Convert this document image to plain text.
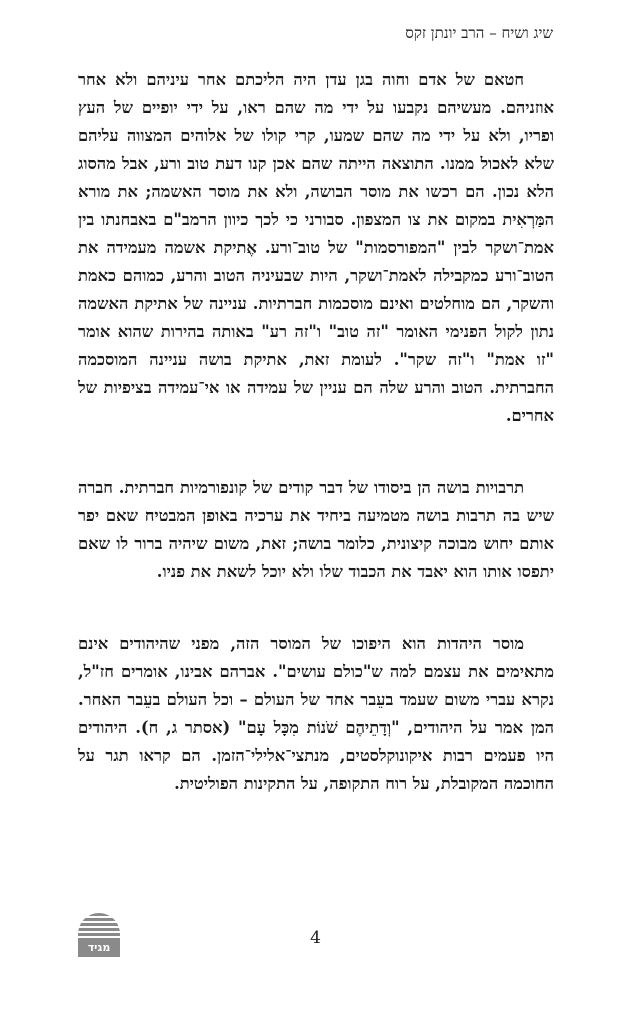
שיג ושיח – הרב יונתן זקס

חטאם של אדם וחוה בגן עדן היה הליכתם אחר עיניהם ולא אחר אוזניהם. מעשיהם נקבעו על ידי מה שהם ראו, על ידי יופיים של העץ ופריו, ולא על ידי מה שהם שמעו, קרי קולו של אלוהים המצווה עליהם שלא לאכול ממנו. התוצאה הייתה שהם אכן קנו דעת טוב ורע, אבל מהסוג הלא נכון. הם רכשו את מוסר הבושה, ולא את מוסר האשמה; את מורא המַּרְאִית במקום את צו המצפון. סבורני כי לכך כיוון הרמב"ם באבחנתו בין אמת־ושקר לבין "המפורסמות" של טוב־ורע. אֶתיקת אשמה מעמידה את הטוב־ורע כמקבילה לאמת־ושקר, היות שבעיניה הטוב והרע, כמוהם כאמת והשקר, הם מוחלטים ואינם מוסכמות חברתיות. עניינה של אתיקת האשמה נתון לקול הפנימי האומר "זה טוב" ו"זה רע" באותה בהירות שהוא אומר "זו אמת" ו"זה שקר". לעומת זאת, אתיקת בושה עניינה המוסכמה החברתית. הטוב והרע שלה הם עניין של עמידה או אי־עמידה בציפיות של אחרים.

תרבויות בושה הן ביסודו של דבר קודים של קונפורמיות חברתית. חברה שיש בה תרבות בושה מטמיעה ביחיד את ערכיה באופן המבטיח שאם יפר אותם יחוש מבוכה קיצונית, כלומר בושה; זאת, משום שיהיה ברור לו שאם יתפסו אותו הוא יאבד את הכבוד שלו ולא יוכל לשאת את פניו.

מוסר היהדות הוא היפוכו של המוסר הזה, מפני שהיהודים אינם מתאימים את עצמם למה ש"כולם עושים". אברהם אבינו, אומרים חז"ל, נקרא עברי משום שעמד בעֵבר אחד של העולם – וכל העולם בעֵבר האחר. המן אמר על היהודים, "וְדָתֵיהֶם שֹׁנוֹת מִכָּל עָם" (אסתר ג, ח). היהודים היו פעמים רבות איקונוקלסטים, מנתצי־אלילי־הזמן. הם קראו תגר על החוכמה המקובלת, על רוח התקופה, על התקינות הפוליטית.

מגיד	4
